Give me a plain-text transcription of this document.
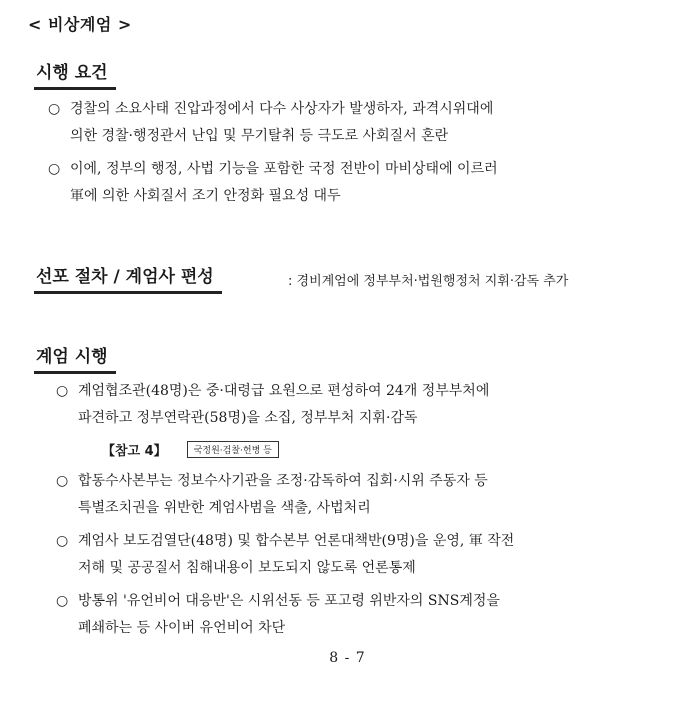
< 비상계엄 >
시행 요건
○ 경찰의 소요사태 진압과정에서 다수 사상자가 발생하자, 과격시위대에
의한 경찰·행정관서 난입 및 무기탈취 등 극도로 사회질서 혼란
○ 이에, 정부의 행정, 사법 기능을 포함한 국정 전반이 마비상태에 이르러
軍에 의한 사회질서 조기 안정화 필요성 대두
선포 절차 / 계엄사 편성	: 경비계엄에 정부부처·법원행정처 지휘·감독 추가
계엄 시행
○ 계엄협조관(48명)은 중·대령급 요원으로 편성하여 24개 정부부처에
파견하고 정부연락관(58명)을 소집, 정부부처 지휘·감독
【참고 4】	국정원·검찰·헌병 등
○ 합동수사본부는 정보수사기관을 조정·감독하여 집회·시위 주동자 등
특별조치권을 위반한 계엄사범을 색출, 사법처리
○ 계엄사 보도검열단(48명) 및 합수본부 언론대책반(9명)을 운영, 軍 작전
저해 및 공공질서 침해내용이 보도되지 않도록 언론통제
○ 방통위 '유언비어 대응반'은 시위선동 등 포고령 위반자의 SNS계정을
폐쇄하는 등 사이버 유언비어 차단
8 - 7
